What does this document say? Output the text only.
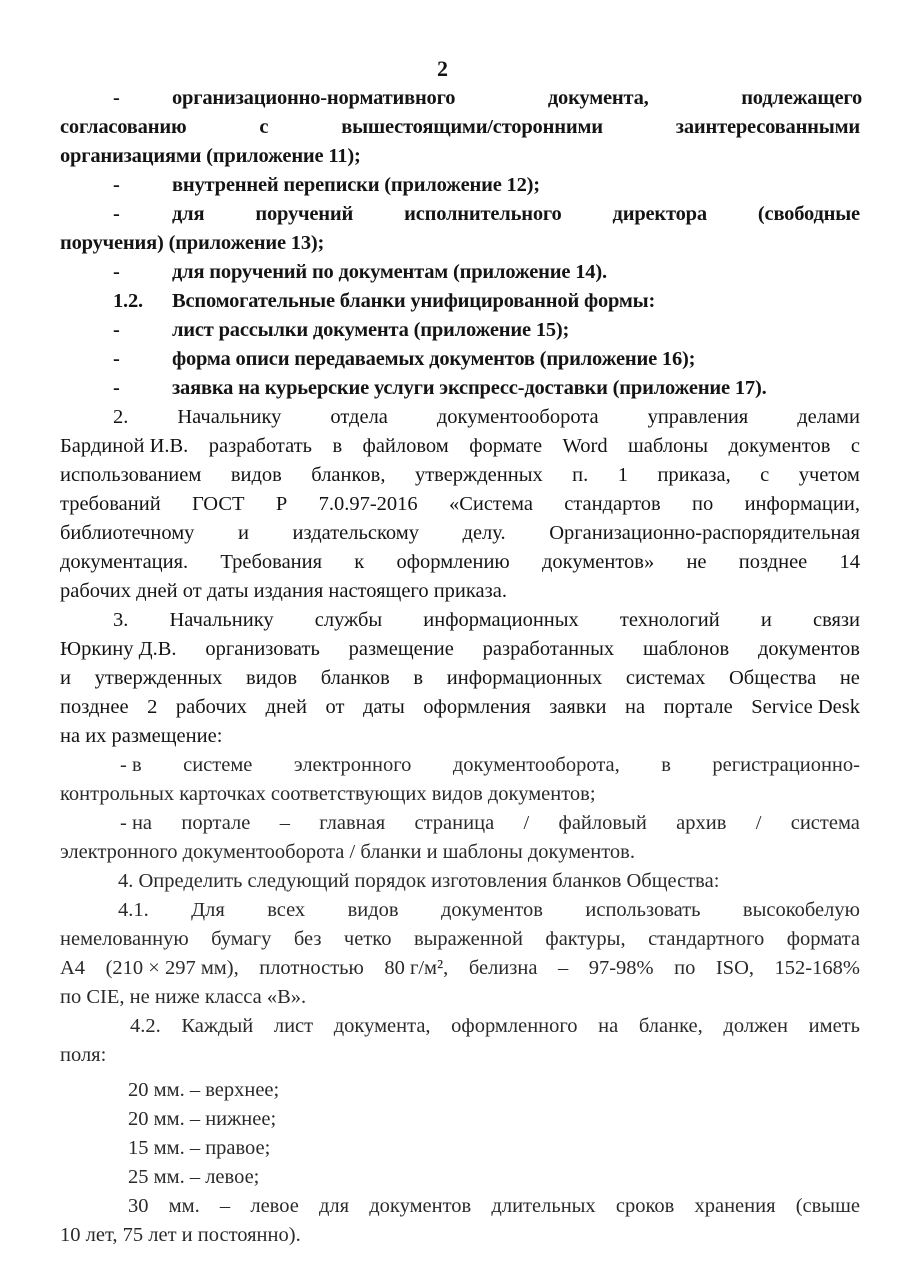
2
-	организационно-нормативного	документа,	подлежащего
согласованию	с	вышестоящими/сторонними	заинтересованными
организациями (приложение 11);
-	внутренней переписки (приложение 12);
-	для поручений исполнительного директора (свободные
поручения) (приложение 13);
-	для поручений по документам (приложение 14).
1.2. Вспомогательные бланки унифицированной формы:
-	лист рассылки документа (приложение 15);
-	форма описи передаваемых документов (приложение 16);
-	заявка на курьерские услуги экспресс-доставки (приложение 17).
2. Начальнику отдела документооборота управления делами
Бардиной И.В. разработать в файловом формате Word шаблоны документов с
использованием видов бланков, утвержденных п. 1 приказа, с учетом
требований ГОСТ Р 7.0.97-2016 «Система стандартов по информации,
библиотечному и издательскому делу. Организационно-распорядительная
документация. Требования к оформлению документов» не позднее 14
рабочих дней от даты издания настоящего приказа.
3. Начальнику службы информационных технологий и связи
Юркину Д.В. организовать размещение разработанных шаблонов документов
и утвержденных видов бланков в информационных системах Общества не
позднее 2 рабочих дней от даты оформления заявки на портале Service Desk
на их размещение:
- в системе электронного документооборота, в регистрационно-
контрольных карточках соответствующих видов документов;
- на портале – главная страница / файловый архив / система
электронного документооборота / бланки и шаблоны документов.
4. Определить следующий порядок изготовления бланков Общества:
4.1. Для всех видов документов использовать высокобелую
немелованную бумагу без четко выраженной фактуры, стандартного формата
А4 (210 × 297 мм), плотностью 80 г/м², белизна – 97-98% по ISO, 152-168%
по CIE, не ниже класса «В».
4.2. Каждый лист документа, оформленного на бланке, должен иметь
поля:
20 мм. – верхнее;
20 мм. – нижнее;
15 мм. – правое;
25 мм. – левое;
30 мм. – левое для документов длительных сроков хранения (свыше
10 лет, 75 лет и постоянно).
